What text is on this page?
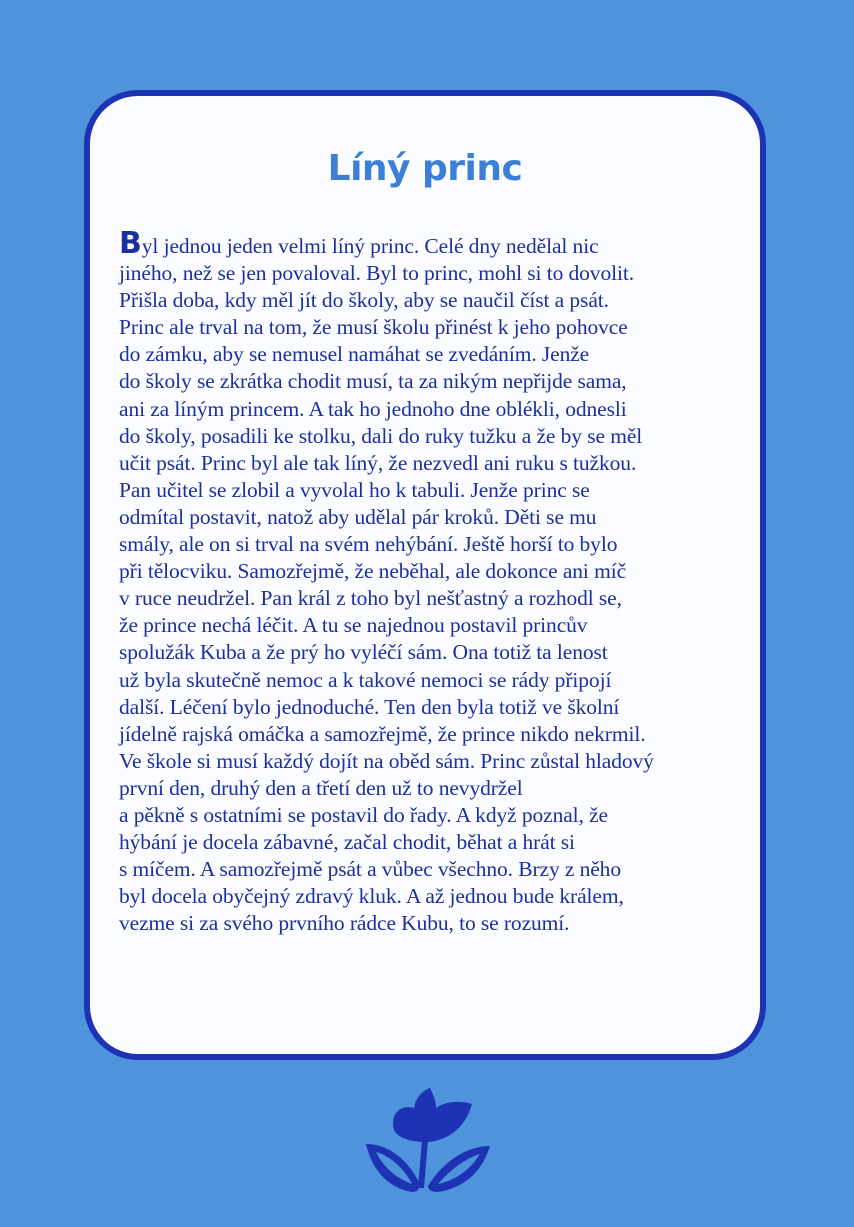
Líný princ
Byl jednou jeden velmi líný princ. Celé dny nedělal nic
jiného, než se jen povaloval. Byl to princ, mohl si to dovolit.
Přišla doba, kdy měl jít do školy, aby se naučil číst a psát.
Princ ale trval na tom, že musí školu přinést k jeho pohovce
do zámku, aby se nemusel namáhat se zvedáním. Jenže
do školy se zkrátka chodit musí, ta za nikým nepřijde sama,
ani za líným princem. A tak ho jednoho dne oblékli, odnesli
do školy, posadili ke stolku, dali do ruky tužku a že by se měl
učit psát. Princ byl ale tak líný, že nezvedl ani ruku s tužkou.
Pan učitel se zlobil a vyvolal ho k tabuli. Jenže princ se
odmítal postavit, natož aby udělal pár kroků. Děti se mu
smály, ale on si trval na svém nehýbání. Ještě horší to bylo
při tělocviku. Samozřejmě, že neběhal, ale dokonce ani míč
v ruce neudržel. Pan král z toho byl nešťastný a rozhodl se,
že prince nechá léčit. A tu se najednou postavil princův
spolužák Kuba a že prý ho vyléčí sám. Ona totiž ta lenost
už byla skutečně nemoc a k takové nemoci se rády připojí
další. Léčení bylo jednoduché. Ten den byla totiž ve školní
jídelně rajská omáčka a samozřejmě, že prince nikdo nekrmil.
Ve škole si musí každý dojít na oběd sám. Princ zůstal hladový
první den, druhý den a třetí den už to nevydržel
a pěkně s ostatními se postavil do řady. A když poznal, že
hýbání je docela zábavné, začal chodit, běhat a hrát si
s míčem. A samozřejmě psát a vůbec všechno. Brzy z něho
byl docela obyčejný zdravý kluk. A až jednou bude králem,
vezme si za svého prvního rádce Kubu, to se rozumí.
